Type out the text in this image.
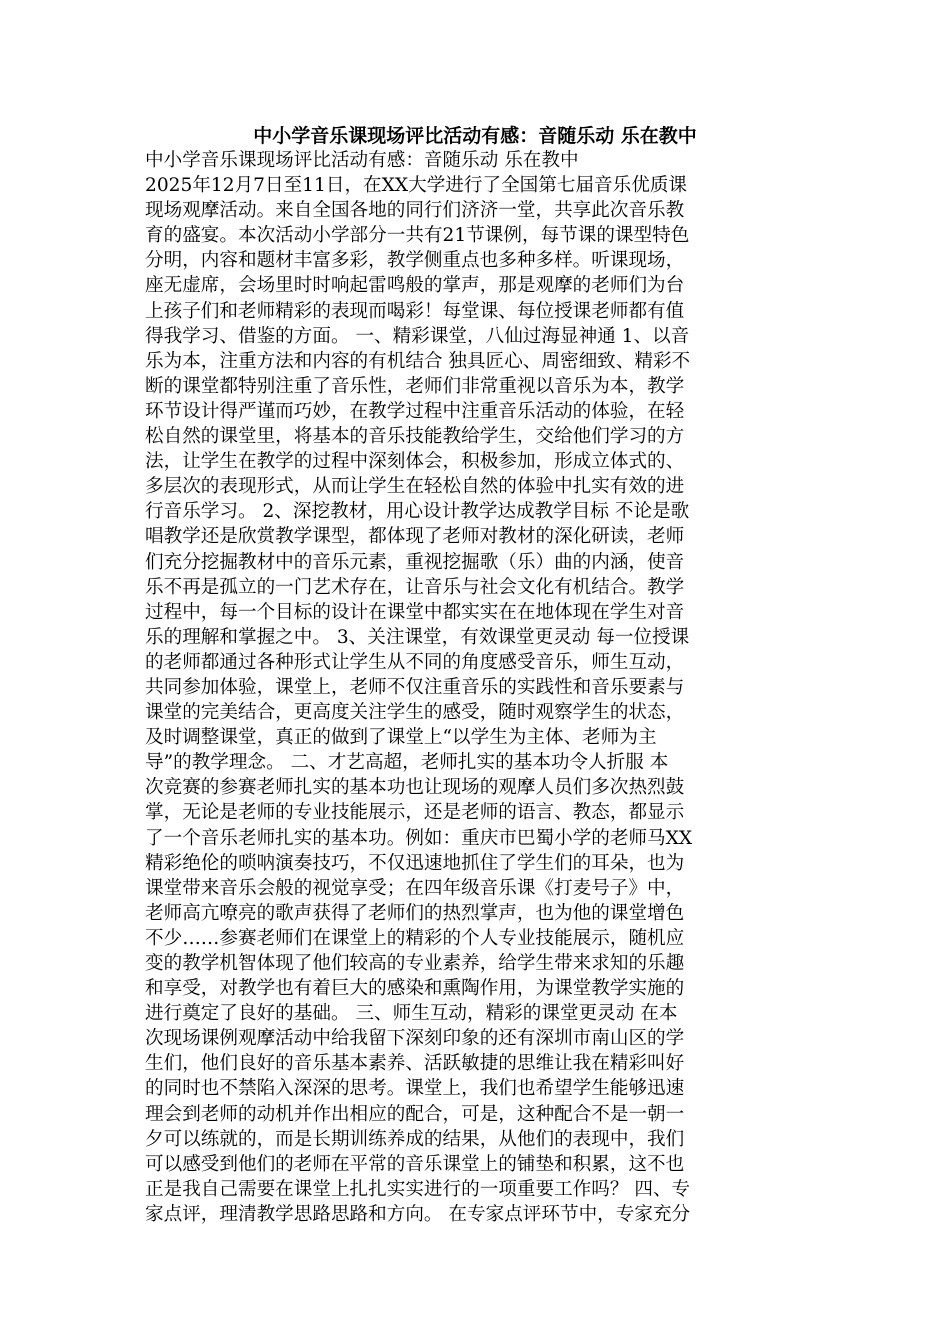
中小学音乐课现场评比活动有感：音随乐动 乐在教中
中小学音乐课现场评比活动有感：音随乐动 乐在教中
2025年12月7日至11日，在XX大学进行了全国第七届音乐优质课
现场观摩活动。来自全国各地的同行们济济一堂，共享此次音乐教
育的盛宴。本次活动小学部分一共有21节课例，每节课的课型特色
分明，内容和题材丰富多彩，教学侧重点也多种多样。听课现场，
座无虚席，会场里时时响起雷鸣般的掌声，那是观摩的老师们为台
上孩子们和老师精彩的表现而喝彩！每堂课、每位授课老师都有值
得我学习、借鉴的方面。 一、精彩课堂，八仙过海显神通 1、以音
乐为本，注重方法和内容的有机结合 独具匠心、周密细致、精彩不
断的课堂都特别注重了音乐性，老师们非常重视以音乐为本，教学
环节设计得严谨而巧妙，在教学过程中注重音乐活动的体验，在轻
松自然的课堂里，将基本的音乐技能教给学生，交给他们学习的方
法，让学生在教学的过程中深刻体会，积极参加，形成立体式的、
多层次的表现形式，从而让学生在轻松自然的体验中扎实有效的进
行音乐学习。 2、深挖教材，用心设计教学达成教学目标 不论是歌
唱教学还是欣赏教学课型，都体现了老师对教材的深化研读，老师
们充分挖掘教材中的音乐元素，重视挖掘歌（乐）曲的内涵，使音
乐不再是孤立的一门艺术存在，让音乐与社会文化有机结合。教学
过程中，每一个目标的设计在课堂中都实实在在地体现在学生对音
乐的理解和掌握之中。 3、关注课堂，有效课堂更灵动 每一位授课
的老师都通过各种形式让学生从不同的角度感受音乐，师生互动，
共同参加体验，课堂上，老师不仅注重音乐的实践性和音乐要素与
课堂的完美结合，更高度关注学生的感受，随时观察学生的状态，
及时调整课堂，真正的做到了课堂上“以学生为主体、老师为主
导”的教学理念。 二、才艺高超，老师扎实的基本功令人折服 本
次竞赛的参赛老师扎实的基本功也让现场的观摩人员们多次热烈鼓
掌，无论是老师的专业技能展示，还是老师的语言、教态，都显示
了一个音乐老师扎实的基本功。例如：重庆市巴蜀小学的老师马XX
精彩绝伦的唢呐演奏技巧，不仅迅速地抓住了学生们的耳朵，也为
课堂带来音乐会般的视觉享受；在四年级音乐课《打麦号子》中，
老师高亢嘹亮的歌声获得了老师们的热烈掌声，也为他的课堂增色
不少……参赛老师们在课堂上的精彩的个人专业技能展示，随机应
变的教学机智体现了他们较高的专业素养，给学生带来求知的乐趣
和享受，对教学也有着巨大的感染和熏陶作用，为课堂教学实施的
进行奠定了良好的基础。 三、师生互动，精彩的课堂更灵动 在本
次现场课例观摩活动中给我留下深刻印象的还有深圳市南山区的学
生们，他们良好的音乐基本素养、活跃敏捷的思维让我在精彩叫好
的同时也不禁陷入深深的思考。课堂上，我们也希望学生能够迅速
理会到老师的动机并作出相应的配合，可是，这种配合不是一朝一
夕可以练就的，而是长期训练养成的结果，从他们的表现中，我们
可以感受到他们的老师在平常的音乐课堂上的铺垫和积累，这不也
正是我自己需要在课堂上扎扎实实进行的一项重要工作吗？ 四、专
家点评，理清教学思路思路和方向。 在专家点评环节中，专家充分
